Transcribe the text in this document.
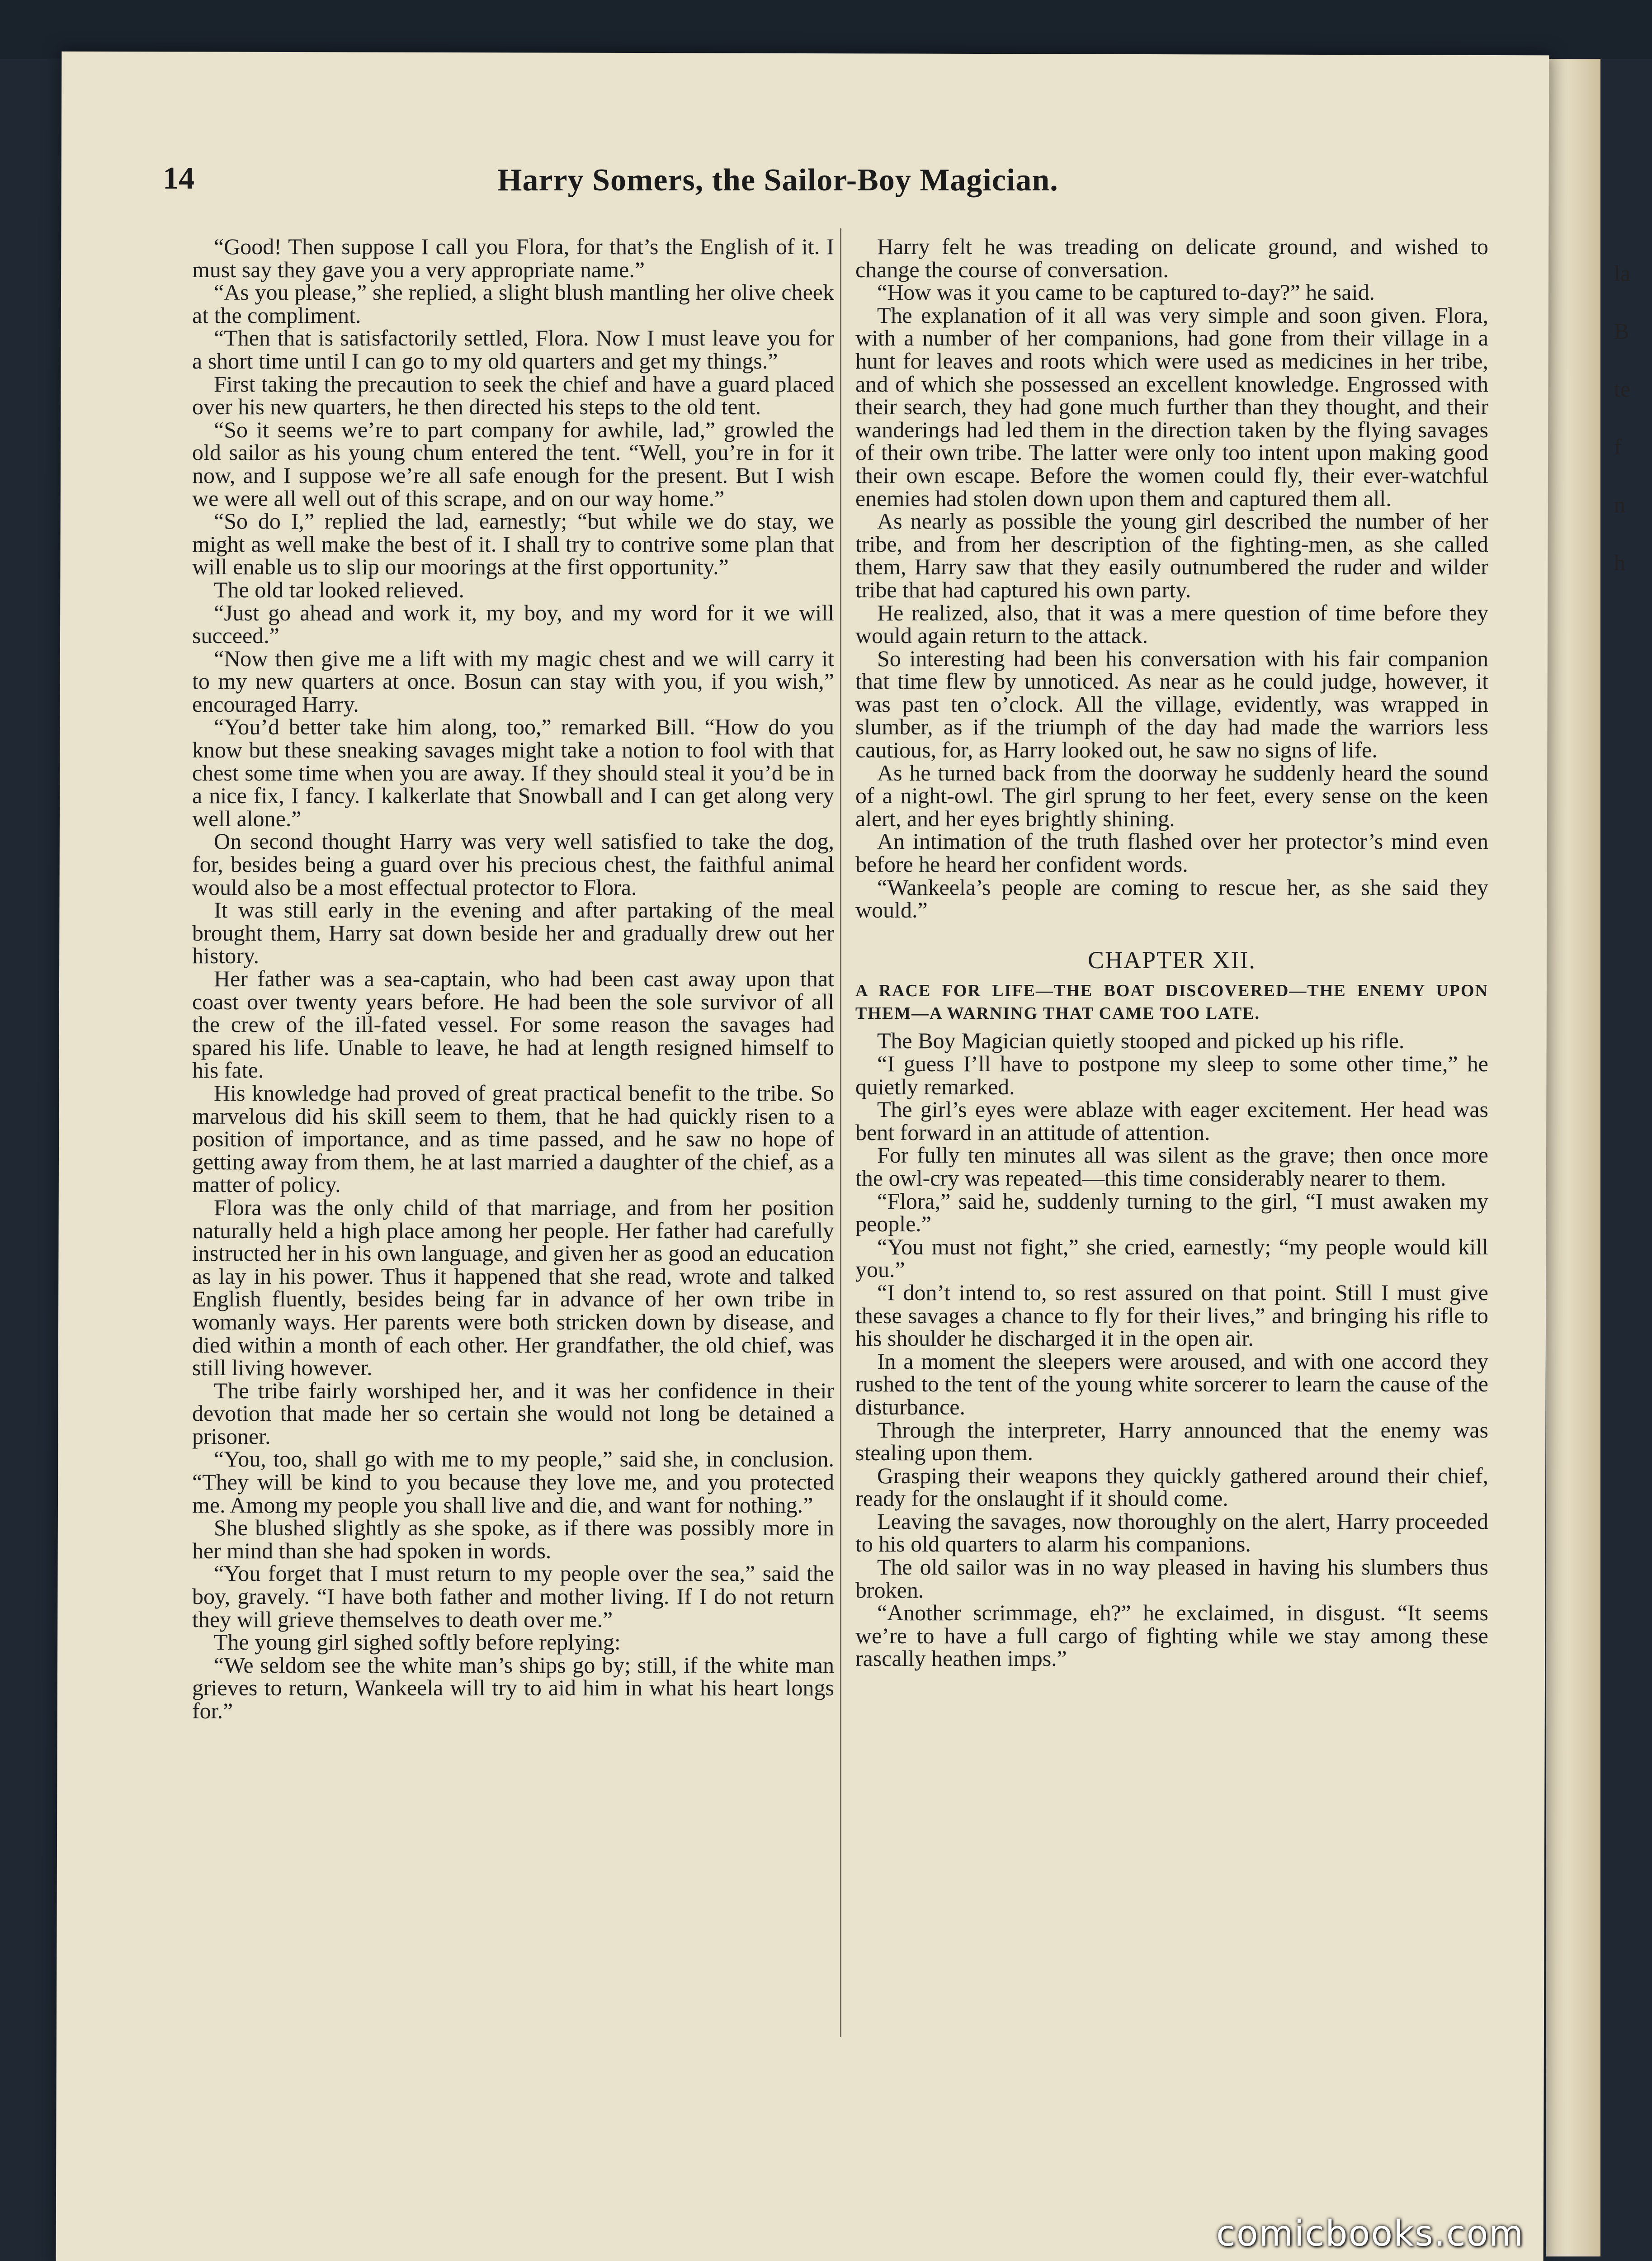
la
B
te
f
n
h
14	Harry Somers, the Sailor-Boy Magician.

“Good! Then suppose I call you Flora, for that’s the English of it. I must say they gave you a very appropriate name.”

“As you please,” she replied, a slight blush mantling her olive cheek at the compliment.

“Then that is satisfactorily settled, Flora. Now I must leave you for a short time until I can go to my old quarters and get my things.”

First taking the precaution to seek the chief and have a guard placed over his new quarters, he then directed his steps to the old tent.

“So it seems we’re to part company for awhile, lad,” growled the old sailor as his young chum entered the tent. “Well, you’re in for it now, and I suppose we’re all safe enough for the present. But I wish we were all well out of this scrape, and on our way home.”

“So do I,” replied the lad, earnestly; “but while we do stay, we might as well make the best of it. I shall try to contrive some plan that will enable us to slip our moorings at the first opportunity.”

The old tar looked relieved.

“Just go ahead and work it, my boy, and my word for it we will succeed.”

“Now then give me a lift with my magic chest and we will carry it to my new quarters at once. Bosun can stay with you, if you wish,” encouraged Harry.

“You’d better take him along, too,” remarked Bill. “How do you know but these sneaking savages might take a notion to fool with that chest some time when you are away. If they should steal it you’d be in a nice fix, I fancy. I kalkerlate that Snowball and I can get along very well alone.”

On second thought Harry was very well satisfied to take the dog, for, besides being a guard over his precious chest, the faithful animal would also be a most effectual protector to Flora.

It was still early in the evening and after partaking of the meal brought them, Harry sat down beside her and gradually drew out her history.

Her father was a sea-captain, who had been cast away upon that coast over twenty years before. He had been the sole survivor of all the crew of the ill-fated vessel. For some reason the savages had spared his life. Unable to leave, he had at length resigned himself to his fate.

His knowledge had proved of great practical benefit to the tribe. So marvelous did his skill seem to them, that he had quickly risen to a position of importance, and as time passed, and he saw no hope of getting away from them, he at last married a daughter of the chief, as a matter of policy.

Flora was the only child of that marriage, and from her position naturally held a high place among her people. Her father had carefully instructed her in his own language, and given her as good an education as lay in his power. Thus it happened that she read, wrote and talked English fluently, besides being far in advance of her own tribe in womanly ways. Her parents were both stricken down by disease, and died within a month of each other. Her grandfather, the old chief, was still living however.

The tribe fairly worshiped her, and it was her confidence in their devotion that made her so certain she would not long be detained a prisoner.

“You, too, shall go with me to my people,” said she, in conclusion. “They will be kind to you because they love me, and you protected me. Among my people you shall live and die, and want for nothing.”

She blushed slightly as she spoke, as if there was possibly more in her mind than she had spoken in words.

“You forget that I must return to my people over the sea,” said the boy, gravely. “I have both father and mother living. If I do not return they will grieve themselves to death over me.”

The young girl sighed softly before replying:

“We seldom see the white man’s ships go by; still, if the white man grieves to return, Wankeela will try to aid him in what his heart longs for.”

Harry felt he was treading on delicate ground, and wished to change the course of conversation.

“How was it you came to be captured to-day?” he said.

The explanation of it all was very simple and soon given. Flora, with a number of her companions, had gone from their village in a hunt for leaves and roots which were used as medicines in her tribe, and of which she possessed an excellent knowledge. Engrossed with their search, they had gone much further than they thought, and their wanderings had led them in the direction taken by the flying savages of their own tribe. The latter were only too intent upon making good their own escape. Before the women could fly, their ever-watchful enemies had stolen down upon them and captured them all.

As nearly as possible the young girl described the number of her tribe, and from her description of the fighting-men, as she called them, Harry saw that they easily outnumbered the ruder and wilder tribe that had captured his own party.

He realized, also, that it was a mere question of time before they would again return to the attack.

So interesting had been his conversation with his fair companion that time flew by unnoticed. As near as he could judge, however, it was past ten o’clock. All the village, evidently, was wrapped in slumber, as if the triumph of the day had made the warriors less cautious, for, as Harry looked out, he saw no signs of life.

As he turned back from the doorway he suddenly heard the sound of a night-owl. The girl sprung to her feet, every sense on the keen alert, and her eyes brightly shining.

An intimation of the truth flashed over her protector’s mind even before he heard her confident words.

“Wankeela’s people are coming to rescue her, as she said they would.”

CHAPTER XII.

A RACE FOR LIFE—THE BOAT DISCOVERED—THE ENEMY UPON THEM—A WARNING THAT CAME TOO LATE.

The Boy Magician quietly stooped and picked up his rifle.

“I guess I’ll have to postpone my sleep to some other time,” he quietly remarked.

The girl’s eyes were ablaze with eager excitement. Her head was bent forward in an attitude of attention.

For fully ten minutes all was silent as the grave; then once more the owl-cry was repeated—this time considerably nearer to them.

“Flora,” said he, suddenly turning to the girl, “I must awaken my people.”

“You must not fight,” she cried, earnestly; “my people would kill you.”

“I don’t intend to, so rest assured on that point. Still I must give these savages a chance to fly for their lives,” and bringing his rifle to his shoulder he discharged it in the open air.

In a moment the sleepers were aroused, and with one accord they rushed to the tent of the young white sorcerer to learn the cause of the disturbance.

Through the interpreter, Harry announced that the enemy was stealing upon them.

Grasping their weapons they quickly gathered around their chief, ready for the onslaught if it should come.

Leaving the savages, now thoroughly on the alert, Harry proceeded to his old quarters to alarm his companions.

The old sailor was in no way pleased in having his slumbers thus broken.

“Another scrimmage, eh?” he exclaimed, in disgust. “It seems we’re to have a full cargo of fighting while we stay among these rascally heathen imps.”

comicbooks.com
